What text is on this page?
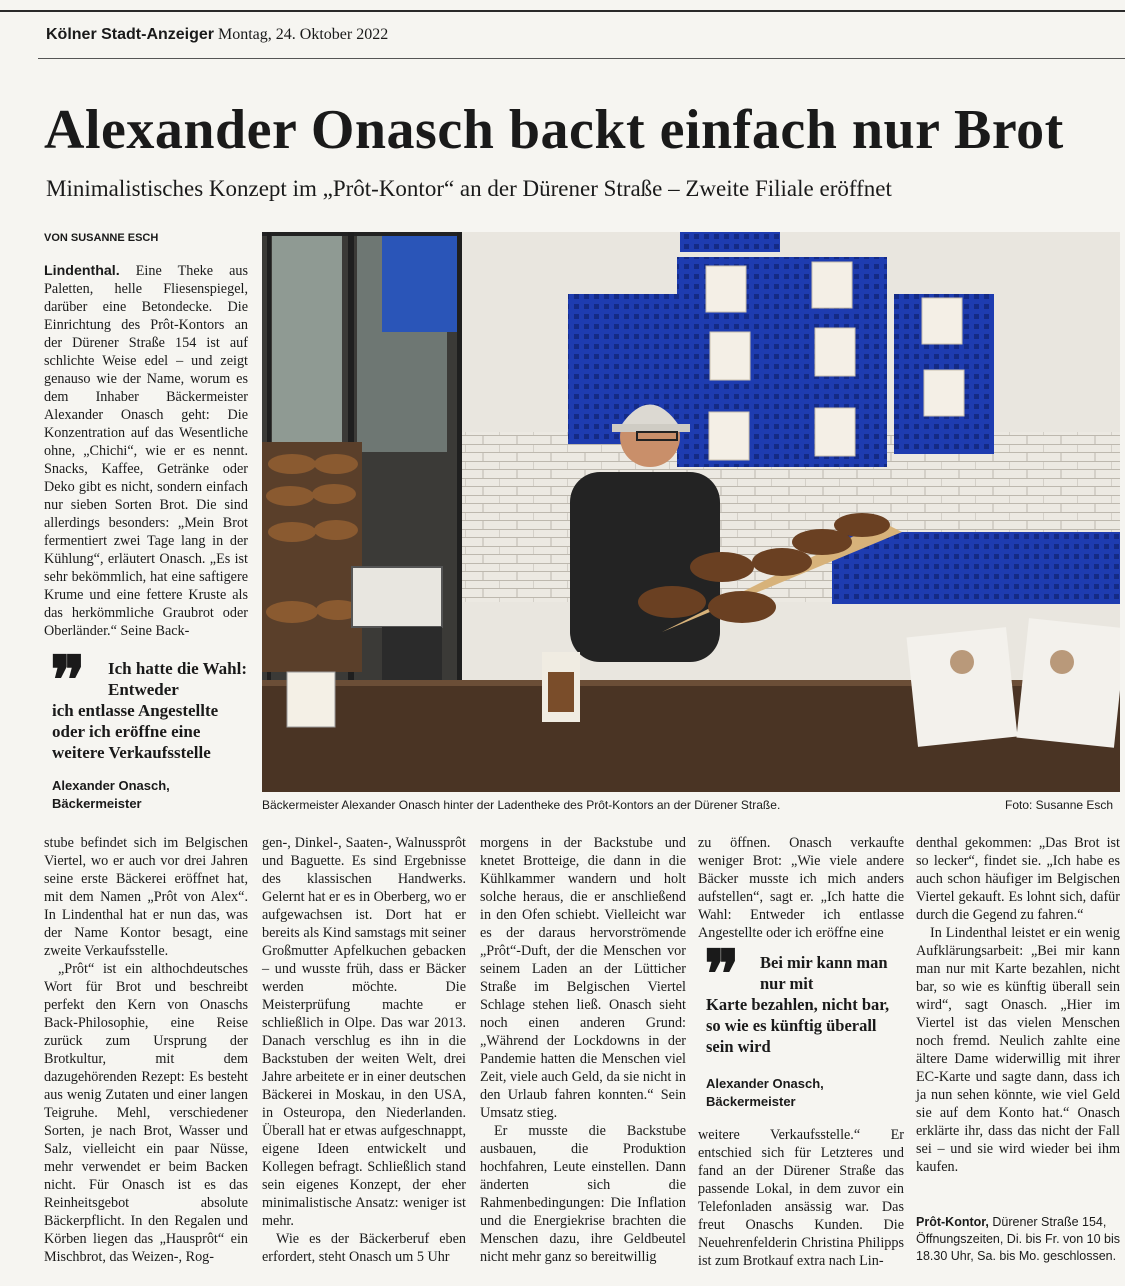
Kölner Stadt-Anzeiger Montag, 24. Oktober 2022
Alexander Onasch backt einfach nur Brot
Minimalistisches Konzept im „Prôt-Kontor“ an der Dürener Straße – Zweite Filiale eröffnet
VON SUSANNE ESCH

Lindenthal. Eine Theke aus Paletten, helle Fliesenspiegel, darüber eine Betondecke. Die Einrichtung des Prôt-Kontors an der Dürener Straße 154 ist auf schlichte Weise edel – und zeigt genauso wie der Name, worum es dem Inhaber Bäckermeister Alexander Onasch geht: Die Konzentration auf das Wesentliche ohne, „Chichi“, wie er es nennt. Snacks, Kaffee, Getränke oder Deko gibt es nicht, sondern einfach nur sieben Sorten Brot. Die sind allerdings besonders: „Mein Brot fermentiert zwei Tage lang in der Kühlung“, erläutert Onasch. „Es ist sehr bekömmlich, hat eine saftigere Krume und eine fettere Kruste als das herkömmliche Graubrot oder Oberländer.“ Seine Back-

❞	Ich hatte die Wahl: Entweder
ich entlasse Angestellte oder ich eröffne eine weitere Verkaufsstelle
Alexander Onasch,
Bäckermeister	Bäckermeister Alexander Onasch hinter der Ladentheke des Prôt-Kontors an der Dürener Straße.	Foto: Susanne Esch

stube befindet sich im Belgischen Viertel, wo er auch vor drei Jahren seine erste Bäckerei eröffnet hat, mit dem Namen „Prôt von Alex“. In Lindenthal hat er nun das, was der Name Kontor besagt, eine zweite Verkaufsstelle.

„Prôt“ ist ein althochdeutsches Wort für Brot und beschreibt perfekt den Kern von Onaschs Back-Philosophie, eine Reise zurück zum Ursprung der Brotkultur, mit dem dazugehörenden Rezept: Es besteht aus wenig Zutaten und einer langen Teigruhe. Mehl, verschiedener Sorten, je nach Brot, Wasser und Salz, vielleicht ein paar Nüsse, mehr verwendet er beim Backen nicht. Für Onasch ist es das Reinheitsgebot absolute Bäckerpflicht. In den Regalen und Körben liegen das „Hausprôt“ ein Mischbrot, das Weizen-, Rog-

gen-, Dinkel-, Saaten-, Walnussprôt und Baguette. Es sind Ergebnisse des klassischen Handwerks. Gelernt hat er es in Oberberg, wo er aufgewachsen ist. Dort hat er bereits als Kind samstags mit seiner Großmutter Apfelkuchen gebacken – und wusste früh, dass er Bäcker werden möchte. Die Meisterprüfung machte er schließlich in Olpe. Das war 2013. Danach verschlug es ihn in die Backstuben der weiten Welt, drei Jahre arbeitete er in einer deutschen Bäckerei in Moskau, in den USA, in Osteuropa, den Niederlanden. Überall hat er etwas aufgeschnappt, eigene Ideen entwickelt und Kollegen befragt. Schließlich stand sein eigenes Konzept, der eher minimalistische Ansatz: weniger ist mehr.

Wie es der Bäckerberuf eben erfordert, steht Onasch um 5 Uhr

morgens in der Backstube und knetet Brotteige, die dann in die Kühlkammer wandern und holt solche heraus, die er anschließend in den Ofen schiebt. Vielleicht war es der daraus hervorströmende „Prôt“-Duft, der die Menschen vor seinem Laden an der Lütticher Straße im Belgischen Viertel Schlage stehen ließ. Onasch sieht noch einen anderen Grund: „Während der Lockdowns in der Pandemie hatten die Menschen viel Zeit, viele auch Geld, da sie nicht in den Urlaub fahren konnten.“ Sein Umsatz stieg.

Er musste die Backstube ausbauen, die Produktion hochfahren, Leute einstellen. Dann änderten sich die Rahmenbedingungen: Die Inflation und die Energiekrise brachten die Menschen dazu, ihre Geldbeutel nicht mehr ganz so bereitwillig

zu öffnen. Onasch verkaufte weniger Brot: „Wie viele andere Bäcker musste ich mich anders aufstellen“, sagt er. „Ich hatte die Wahl: Entweder ich entlasse Angestellte oder ich eröffne eine

❞	Bei mir kann man nur mit
Karte bezahlen, nicht bar, so wie es künftig überall sein wird
Alexander Onasch,
Bäckermeister

weitere Verkaufsstelle.“ Er entschied sich für Letzteres und fand an der Dürener Straße das passende Lokal, in dem zuvor ein Telefonladen ansässig war. Das freut Onaschs Kunden. Die Neuehrenfelderin Christina Philipps ist zum Brotkauf extra nach Lin-

denthal gekommen: „Das Brot ist so lecker“, findet sie. „Ich habe es auch schon häufiger im Belgischen Viertel gekauft. Es lohnt sich, dafür durch die Gegend zu fahren.“

In Lindenthal leistet er ein wenig Aufklärungsarbeit: „Bei mir kann man nur mit Karte bezahlen, nicht bar, so wie es künftig überall sein wird“, sagt Onasch. „Hier im Viertel ist das vielen Menschen noch fremd. Neulich zahlte eine ältere Dame widerwillig mit ihrer EC-Karte und sagte dann, dass ich ja nun sehen könnte, wie viel Geld sie auf dem Konto hat.“ Onasch erklärte ihr, dass das nicht der Fall sei – und sie wird wieder bei ihm kaufen.

Prôt-Kontor, Dürener Straße 154, Öffnungszeiten, Di. bis Fr. von 10 bis 18.30 Uhr, Sa. bis Mo. geschlossen.
